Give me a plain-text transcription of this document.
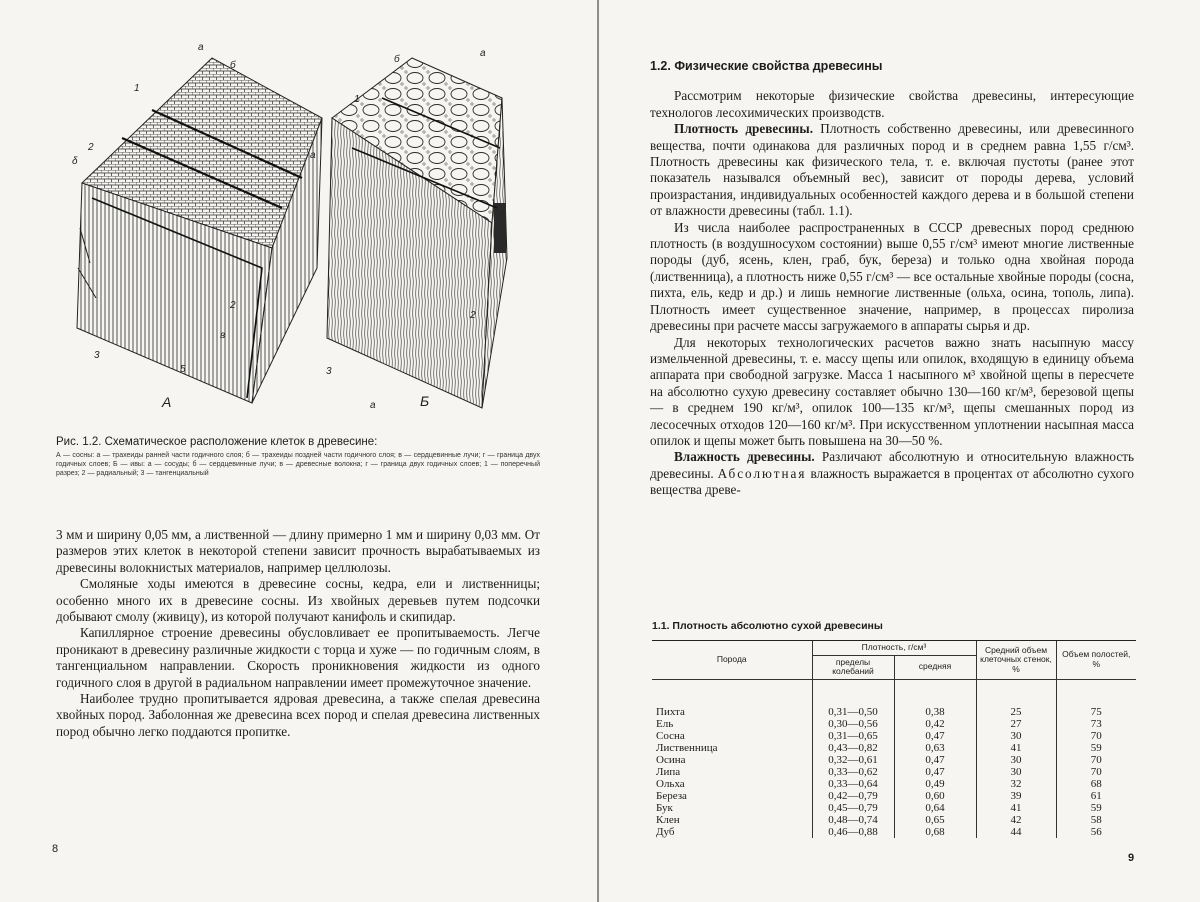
а
б
1
2
δ
2
в
3
5
А
б
а
1
а
2
3
а	Б
Рис. 1.2. Схематическое расположение клеток в древесине:
А — сосны: а — трахеиды ранней части годичного слоя; б — трахеиды поздней части годичного слоя; в — сердцевинные лучи; г — граница двух годичных слоев; Б — ивы: а — сосуды; б — сердцевинные лучи; в — древесные волокна; г — граница двух годичных слоев; 1 — поперечный разрез; 2 — радиальный; 3 — тангенциальный

3 мм и ширину 0,05 мм, а лиственной — длину примерно 1 мм и ширину 0,03 мм. От размеров этих клеток в некоторой степени зависит прочность вырабатываемых из древесины волокнистых материалов, например целлюлозы.

Смоляные ходы имеются в древесине сосны, кедра, ели и лиственницы; особенно много их в древесине сосны. Из хвойных деревьев путем подсочки добывают смолу (живицу), из которой получают канифоль и скипидар.

Капиллярное строение древесины обусловливает ее пропитываемость. Легче проникают в древесину различные жидкости с торца и хуже — по годичным слоям, в тангенциальном направлении. Скорость проникновения жидкости из одного годичного слоя в другой в радиальном направлении имеет промежуточное значение.

Наиболее трудно пропитывается ядровая древесина, а также спелая древесина хвойных пород. Заболонная же древесина всех пород и спелая древесина лиственных пород обычно легко поддаются пропитке.

8
1.2. Физические свойства древесины

Рассмотрим некоторые физические свойства древесины, интересующие технологов лесохимических производств.

Плотность древесины. Плотность собственно древесины, или древесинного вещества, почти одинакова для различных пород и в среднем равна 1,55 г/см³. Плотность древесины как физического тела, т. е. включая пустоты (ранее этот показатель назывался объемный вес), зависит от породы дерева, условий произрастания, индивидуальных особенностей каждого дерева и в большой степени от влажности древесины (табл. 1.1).

Из числа наиболее распространенных в СССР древесных пород среднюю плотность (в воздушносухом состоянии) выше 0,55 г/см³ имеют многие лиственные породы (дуб, ясень, клен, граб, бук, береза) и только одна хвойная порода (лиственница), а плотность ниже 0,55 г/см³ — все остальные хвойные породы (сосна, пихта, ель, кедр и др.) и лишь немногие лиственные (ольха, осина, тополь, липа). Плотность имеет существенное значение, например, в процессах пиролиза древесины при расчете массы загружаемого в аппараты сырья и др.

Для некоторых технологических расчетов важно знать насыпную массу измельченной древесины, т. е. массу щепы или опилок, входящую в единицу объема аппарата при свободной загрузке. Масса 1 насыпного м³ хвойной щепы в пересчете на абсолютно сухую древесину составляет обычно 130—160 кг/м³, березовой щепы — в среднем 190 кг/м³, опилок 100—135 кг/м³, щепы смешанных пород из лесосечных отходов 120—160 кг/м³. При искусственном уплотнении насыпная масса опилок и щепы может быть повышена на 30—50 %.

Влажность древесины. Различают абсолютную и относительную влажность древесины. Абсолютная влажность выражается в процентах от абсолютно сухого вещества древе-

1.1. Плотность абсолютно сухой древесины
Порода	Плотность, г/см³		Средний объем клеточных стенок, %	Объем полостей, %
	пределы колебаний	средняя		
Пихта	0,31—0,50	0,38	25	75
Ель	0,30—0,56	0,42	27	73
Сосна	0,31—0,65	0,47	30	70
Лиственница	0,43—0,82	0,63	41	59
Осина	0,32—0,61	0,47	30	70
Липа	0,33—0,62	0,47	30	70
Ольха	0,33—0,64	0,49	32	68
Береза	0,42—0,79	0,60	39	61
Бук	0,45—0,79	0,64	41	59
Клен	0,48—0,74	0,65	42	58
Дуб	0,46—0,88	0,68	44	56
9
